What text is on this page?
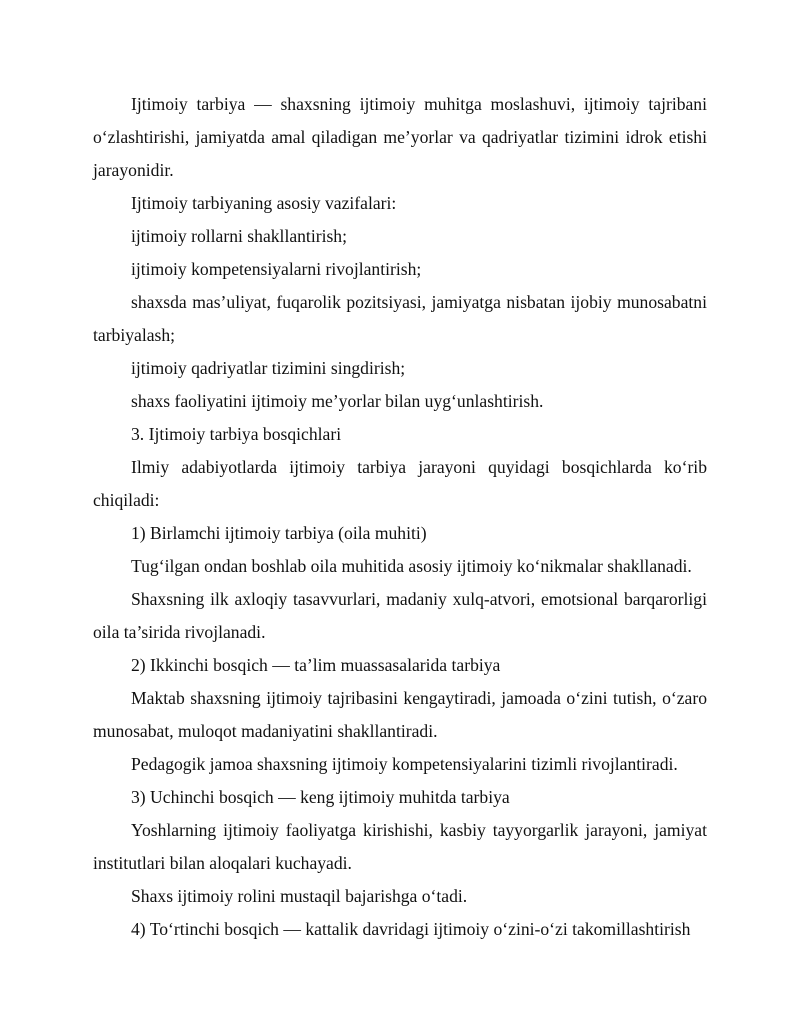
Ijtimoiy tarbiya — shaxsning ijtimoiy muhitga moslashuvi, ijtimoiy tajribani o‘zlashtirishi, jamiyatda amal qiladigan me’yorlar va qadriyatlar tizimini idrok etishi jarayonidir.

Ijtimoiy tarbiyaning asosiy vazifalari:

ijtimoiy rollarni shakllantirish;

ijtimoiy kompetensiyalarni rivojlantirish;

shaxsda mas’uliyat, fuqarolik pozitsiyasi, jamiyatga nisbatan ijobiy munosabatni tarbiyalash;

ijtimoiy qadriyatlar tizimini singdirish;

shaxs faoliyatini ijtimoiy me’yorlar bilan uyg‘unlashtirish.

3. Ijtimoiy tarbiya bosqichlari

Ilmiy adabiyotlarda ijtimoiy tarbiya jarayoni quyidagi bosqichlarda ko‘rib chiqiladi:

1) Birlamchi ijtimoiy tarbiya (oila muhiti)

Tug‘ilgan ondan boshlab oila muhitida asosiy ijtimoiy ko‘nikmalar shakllanadi.

Shaxsning ilk axloqiy tasavvurlari, madaniy xulq-atvori, emotsional barqarorligi oila ta’sirida rivojlanadi.

2) Ikkinchi bosqich — ta’lim muassasalarida tarbiya

Maktab shaxsning ijtimoiy tajribasini kengaytiradi, jamoada o‘zini tutish, o‘zaro munosabat, muloqot madaniyatini shakllantiradi.

Pedagogik jamoa shaxsning ijtimoiy kompetensiyalarini tizimli rivojlantiradi.

3) Uchinchi bosqich — keng ijtimoiy muhitda tarbiya

Yoshlarning ijtimoiy faoliyatga kirishishi, kasbiy tayyorgarlik jarayoni, jamiyat institutlari bilan aloqalari kuchayadi.

Shaxs ijtimoiy rolini mustaqil bajarishga o‘tadi.

4) To‘rtinchi bosqich — kattalik davridagi ijtimoiy o‘zini-o‘zi takomillashtirish
